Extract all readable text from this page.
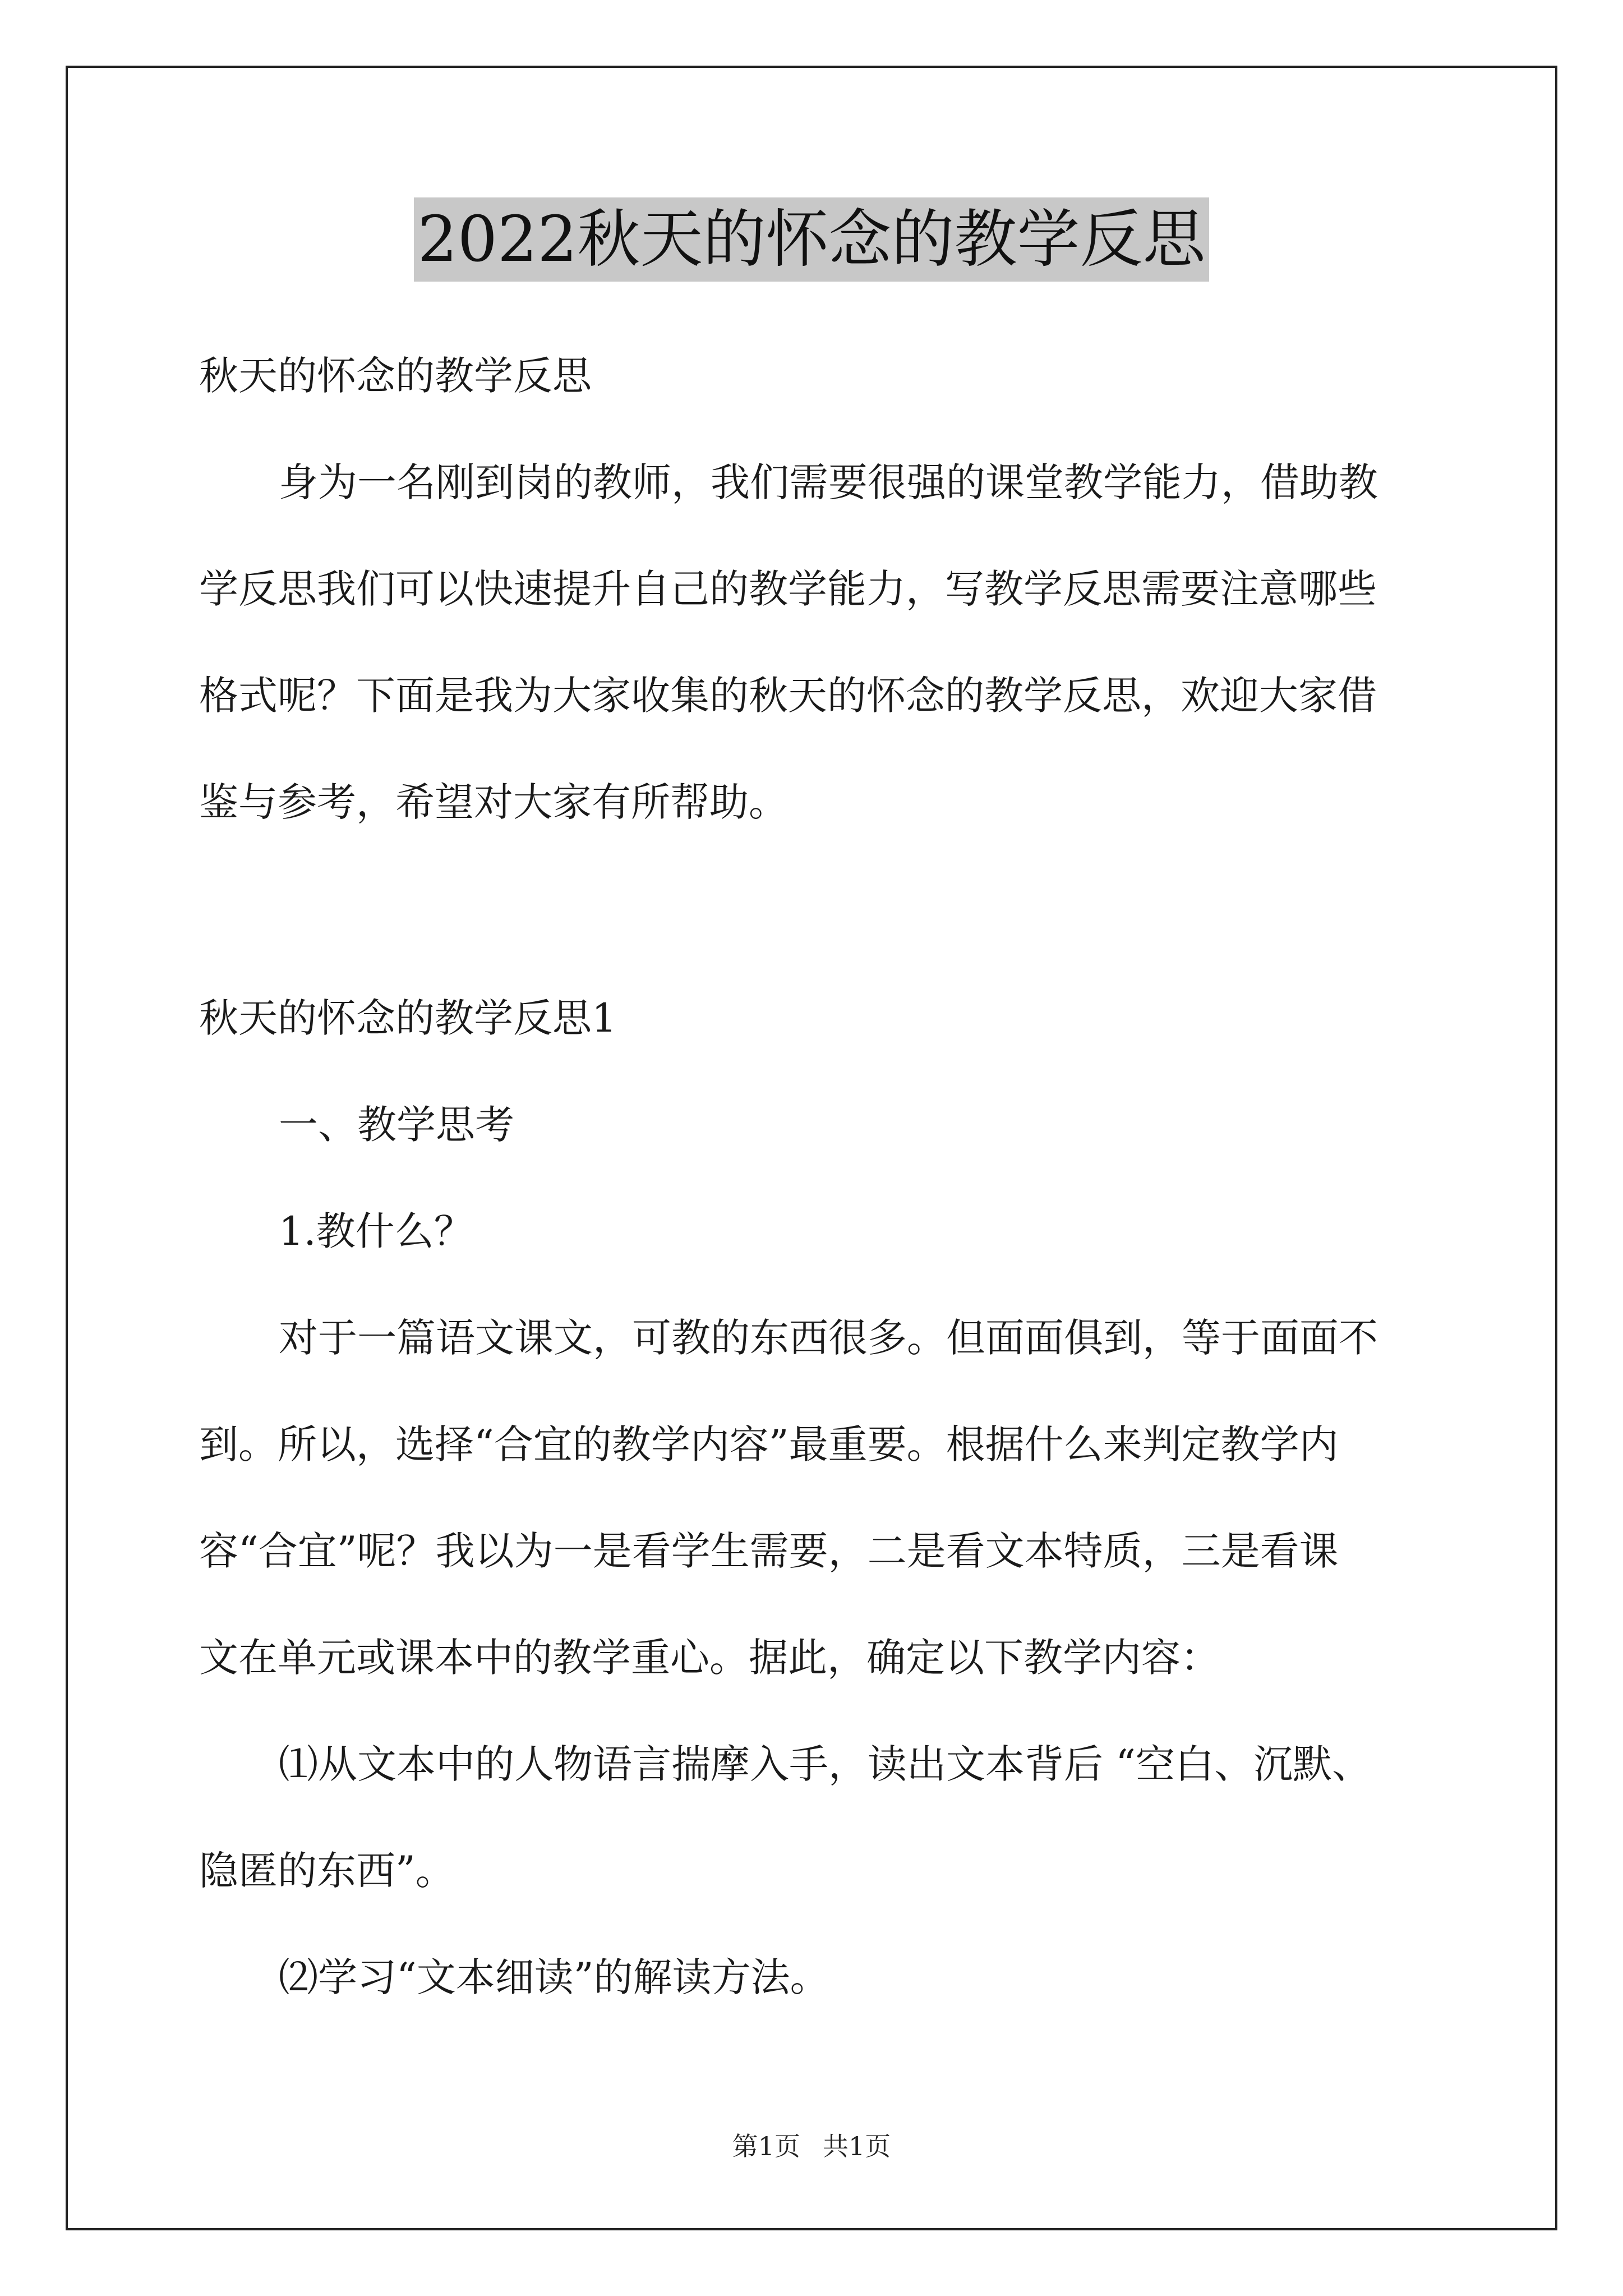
2022秋天的怀念的教学反思
秋天的怀念的教学反思
身为一名刚到岗的教师，我们需要很强的课堂教学能力，借助教
学反思我们可以快速提升自己的教学能力，写教学反思需要注意哪些
格式呢？下面是我为大家收集的秋天的怀念的教学反思，欢迎大家借
鉴与参考，希望对大家有所帮助。
秋天的怀念的教学反思1
一、教学思考
1.教什么？
对于一篇语文课文，可教的东西很多。但面面俱到，等于面面不
到。所以，选择“合宜的教学内容”最重要。根据什么来判定教学内
容“合宜”呢？我以为一是看学生需要，二是看文本特质，三是看课
文在单元或课本中的教学重心。据此，确定以下教学内容：
⑴从文本中的人物语言揣摩入手，读出文本背后 “空白、沉默、
隐匿的东西”。
⑵学习“文本细读”的解读方法。
第1页 共1页
